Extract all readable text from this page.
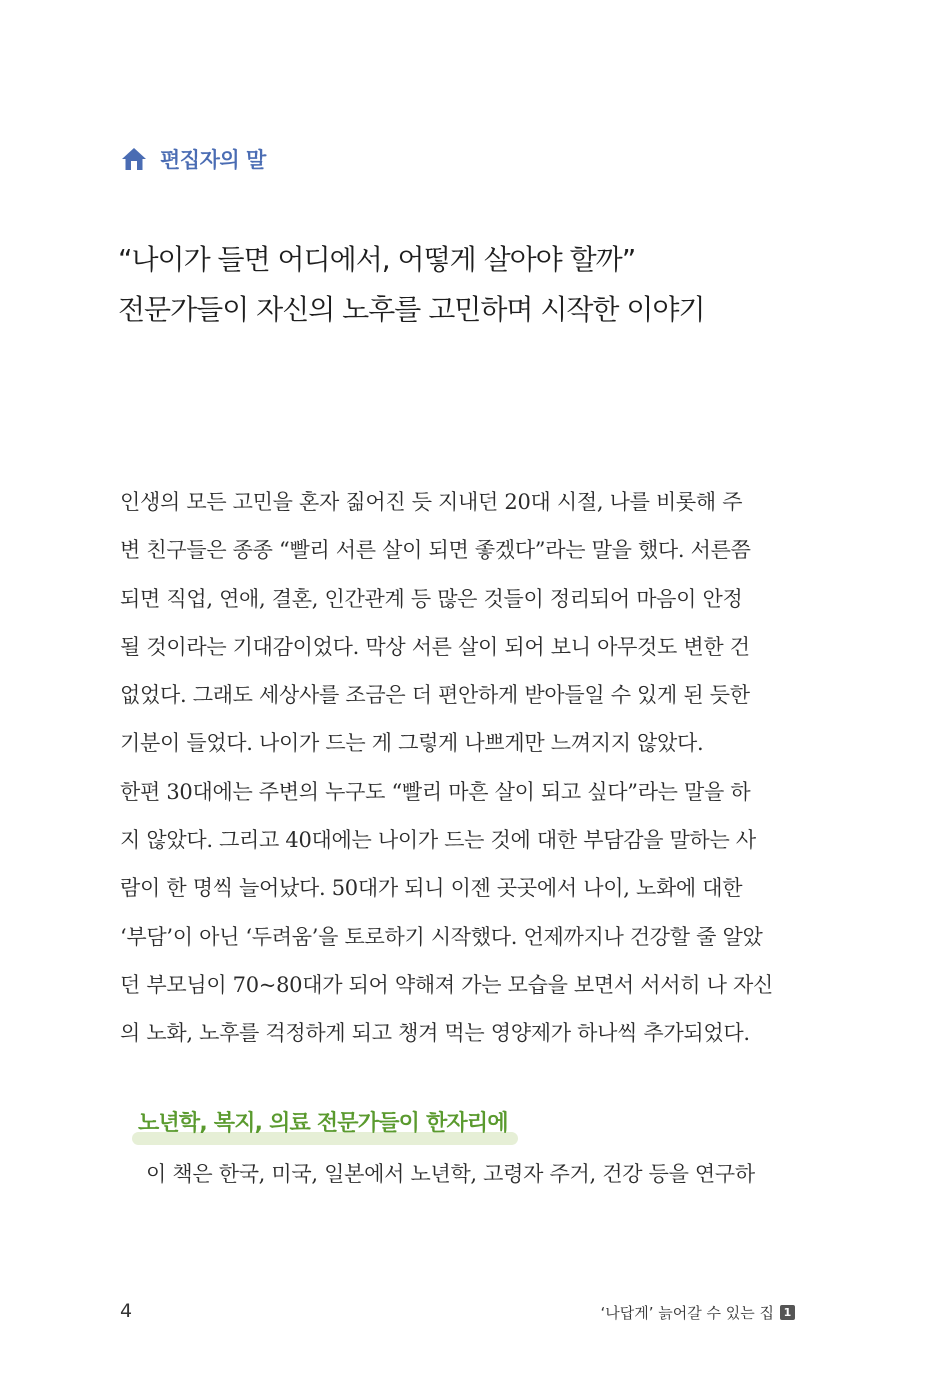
편집자의 말
“나이가 들면 어디에서, 어떻게 살아야 할까”
전문가들이 자신의 노후를 고민하며 시작한 이야기
인생의 모든 고민을 혼자 짊어진 듯 지내던 20대 시절, 나를 비롯해 주
변 친구들은 종종 “빨리 서른 살이 되면 좋겠다”라는 말을 했다. 서른쯤
되면 직업, 연애, 결혼, 인간관계 등 많은 것들이 정리되어 마음이 안정
될 것이라는 기대감이었다. 막상 서른 살이 되어 보니 아무것도 변한 건
없었다. 그래도 세상사를 조금은 더 편안하게 받아들일 수 있게 된 듯한
기분이 들었다. 나이가 드는 게 그렇게 나쁘게만 느껴지지 않았다.
한편 30대에는 주변의 누구도 “빨리 마흔 살이 되고 싶다”라는 말을 하
지 않았다. 그리고 40대에는 나이가 드는 것에 대한 부담감을 말하는 사
람이 한 명씩 늘어났다. 50대가 되니 이젠 곳곳에서 나이, 노화에 대한
‘부담’이 아닌 ‘두려움’을 토로하기 시작했다. 언제까지나 건강할 줄 알았
던 부모님이 70~80대가 되어 약해져 가는 모습을 보면서 서서히 나 자신
의 노화, 노후를 걱정하게 되고 챙겨 먹는 영양제가 하나씩 추가되었다.
노년학, 복지, 의료 전문가들이 한자리에
이 책은 한국, 미국, 일본에서 노년학, 고령자 주거, 건강 등을 연구하
4	‘나답게’ 늙어갈 수 있는 집 1
